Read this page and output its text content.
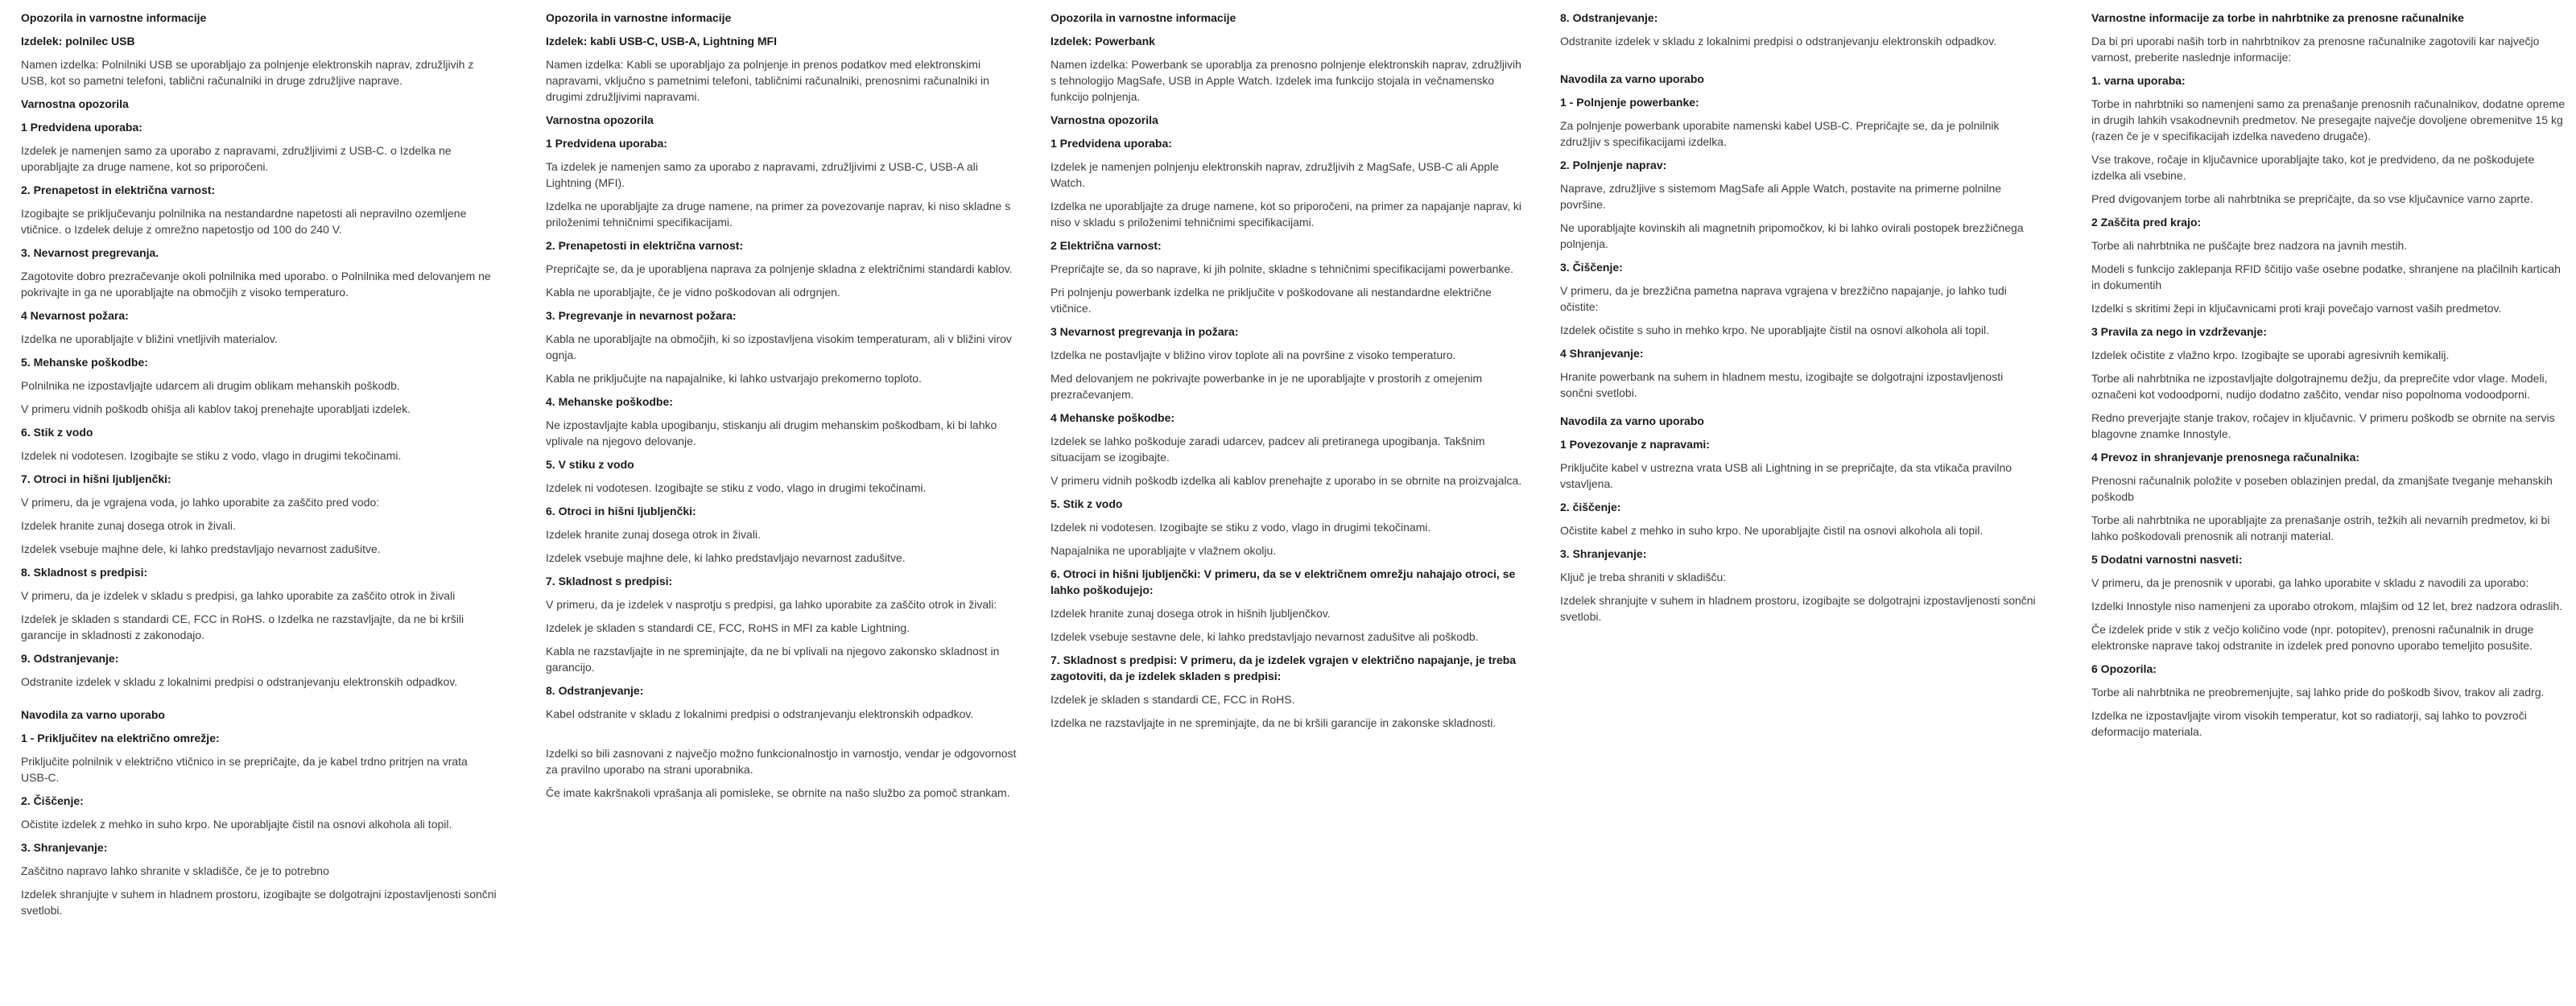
Opozorila in varnostne informacije

Izdelek: polnilec USB

Namen izdelka: Polnilniki USB se uporabljajo za polnjenje elektronskih naprav, združljivih z USB, kot so pametni telefoni, tablični računalniki in druge združljive naprave.

Varnostna opozorila

1 Predvidena uporaba:

Izdelek je namenjen samo za uporabo z napravami, združljivimi z USB-C. o Izdelka ne uporabljajte za druge namene, kot so priporočeni.

2. Prenapetost in električna varnost:

Izogibajte se priključevanju polnilnika na nestandardne napetosti ali nepravilno ozemljene vtičnice. o Izdelek deluje z omrežno napetostjo od 100 do 240 V.

3. Nevarnost pregrevanja.

Zagotovite dobro prezračevanje okoli polnilnika med uporabo. o Polnilnika med delovanjem ne pokrivajte in ga ne uporabljajte na območjih z visoko temperaturo.

4 Nevarnost požara:

Izdelka ne uporabljajte v bližini vnetljivih materialov.

5. Mehanske poškodbe:

Polnilnika ne izpostavljajte udarcem ali drugim oblikam mehanskih poškodb.

V primeru vidnih poškodb ohišja ali kablov takoj prenehajte uporabljati izdelek.

6. Stik z vodo

Izdelek ni vodotesen. Izogibajte se stiku z vodo, vlago in drugimi tekočinami.

7. Otroci in hišni ljubljenčki:

V primeru, da je vgrajena voda, jo lahko uporabite za zaščito pred vodo:

Izdelek hranite zunaj dosega otrok in živali.

Izdelek vsebuje majhne dele, ki lahko predstavljajo nevarnost zadušitve.

8. Skladnost s predpisi:

V primeru, da je izdelek v skladu s predpisi, ga lahko uporabite za zaščito otrok in živali

Izdelek je skladen s standardi CE, FCC in RoHS. o Izdelka ne razstavljajte, da ne bi kršili garancije in skladnosti z zakonodajo.

9. Odstranjevanje:

Odstranite izdelek v skladu z lokalnimi predpisi o odstranjevanju elektronskih odpadkov.

Navodila za varno uporabo

1 - Priključitev na električno omrežje:

Priključite polnilnik v električno vtičnico in se prepričajte, da je kabel trdno pritrjen na vrata USB-C.

2. Čiščenje:

Očistite izdelek z mehko in suho krpo. Ne uporabljajte čistil na osnovi alkohola ali topil.

3. Shranjevanje:

Zaščitno napravo lahko shranite v skladišče, če je to potrebno

Izdelek shranjujte v suhem in hladnem prostoru, izogibajte se dolgotrajni izpostavljenosti sončni svetlobi.

Opozorila in varnostne informacije

Izdelek: kabli USB-C, USB-A, Lightning MFI

Namen izdelka: Kabli se uporabljajo za polnjenje in prenos podatkov med elektronskimi napravami, vključno s pametnimi telefoni, tabličnimi računalniki, prenosnimi računalniki in drugimi združljivimi napravami.

Varnostna opozorila

1 Predvidena uporaba:

Ta izdelek je namenjen samo za uporabo z napravami, združljivimi z USB-C, USB-A ali Lightning (MFI).

Izdelka ne uporabljajte za druge namene, na primer za povezovanje naprav, ki niso skladne s priloženimi tehničnimi specifikacijami.

2. Prenapetosti in električna varnost:

Prepričajte se, da je uporabljena naprava za polnjenje skladna z električnimi standardi kablov.

Kabla ne uporabljajte, če je vidno poškodovan ali odrgnjen.

3. Pregrevanje in nevarnost požara:

Kabla ne uporabljajte na območjih, ki so izpostavljena visokim temperaturam, ali v bližini virov ognja.

Kabla ne priključujte na napajalnike, ki lahko ustvarjajo prekomerno toploto.

4. Mehanske poškodbe:

Ne izpostavljajte kabla upogibanju, stiskanju ali drugim mehanskim poškodbam, ki bi lahko vplivale na njegovo delovanje.

5. V stiku z vodo

Izdelek ni vodotesen. Izogibajte se stiku z vodo, vlago in drugimi tekočinami.

6. Otroci in hišni ljubljenčki:

Izdelek hranite zunaj dosega otrok in živali.

Izdelek vsebuje majhne dele, ki lahko predstavljajo nevarnost zadušitve.

7. Skladnost s predpisi:

V primeru, da je izdelek v nasprotju s predpisi, ga lahko uporabite za zaščito otrok in živali:

Izdelek je skladen s standardi CE, FCC, RoHS in MFI za kable Lightning.

Kabla ne razstavljajte in ne spreminjajte, da ne bi vplivali na njegovo zakonsko skladnost in garancijo.

8. Odstranjevanje:

Kabel odstranite v skladu z lokalnimi predpisi o odstranjevanju elektronskih odpadkov.

Izdelki so bili zasnovani z največjo možno funkcionalnostjo in varnostjo, vendar je odgovornost za pravilno uporabo na strani uporabnika.

Če imate kakršnakoli vprašanja ali pomisleke, se obrnite na našo službo za pomoč strankam.

Opozorila in varnostne informacije

Izdelek: Powerbank

Namen izdelka: Powerbank se uporablja za prenosno polnjenje elektronskih naprav, združljivih s tehnologijo MagSafe, USB in Apple Watch. Izdelek ima funkcijo stojala in večnamensko funkcijo polnjenja.

Varnostna opozorila

1 Predvidena uporaba:

Izdelek je namenjen polnjenju elektronskih naprav, združljivih z MagSafe, USB-C ali Apple Watch.

Izdelka ne uporabljajte za druge namene, kot so priporočeni, na primer za napajanje naprav, ki niso v skladu s priloženimi tehničnimi specifikacijami.

2 Električna varnost:

Prepričajte se, da so naprave, ki jih polnite, skladne s tehničnimi specifikacijami powerbanke.

Pri polnjenju powerbank izdelka ne priključite v poškodovane ali nestandardne električne vtičnice.

3 Nevarnost pregrevanja in požara:

Izdelka ne postavljajte v bližino virov toplote ali na površine z visoko temperaturo.

Med delovanjem ne pokrivajte powerbanke in je ne uporabljajte v prostorih z omejenim prezračevanjem.

4 Mehanske poškodbe:

Izdelek se lahko poškoduje zaradi udarcev, padcev ali pretiranega upogibanja. Takšnim situacijam se izogibajte.

V primeru vidnih poškodb izdelka ali kablov prenehajte z uporabo in se obrnite na proizvajalca.

5. Stik z vodo

Izdelek ni vodotesen. Izogibajte se stiku z vodo, vlago in drugimi tekočinami.

Napajalnika ne uporabljajte v vlažnem okolju.

6. Otroci in hišni ljubljenčki: V primeru, da se v električnem omrežju nahajajo otroci, se lahko poškodujejo:

Izdelek hranite zunaj dosega otrok in hišnih ljubljenčkov.

Izdelek vsebuje sestavne dele, ki lahko predstavljajo nevarnost zadušitve ali poškodb.

7. Skladnost s predpisi: V primeru, da je izdelek vgrajen v električno napajanje, je treba zagotoviti, da je izdelek skladen s predpisi:

Izdelek je skladen s standardi CE, FCC in RoHS.

Izdelka ne razstavljajte in ne spreminjajte, da ne bi kršili garancije in zakonske skladnosti.

8. Odstranjevanje:

Odstranite izdelek v skladu z lokalnimi predpisi o odstranjevanju elektronskih odpadkov.

Navodila za varno uporabo

1 - Polnjenje powerbanke:

Za polnjenje powerbank uporabite namenski kabel USB-C. Prepričajte se, da je polnilnik združljiv s specifikacijami izdelka.

2. Polnjenje naprav:

Naprave, združljive s sistemom MagSafe ali Apple Watch, postavite na primerne polnilne površine.

Ne uporabljajte kovinskih ali magnetnih pripomočkov, ki bi lahko ovirali postopek brezžičnega polnjenja.

3. Čiščenje:

V primeru, da je brezžična pametna naprava vgrajena v brezžično napajanje, jo lahko tudi očistite:

Izdelek očistite s suho in mehko krpo. Ne uporabljajte čistil na osnovi alkohola ali topil.

4 Shranjevanje:

Hranite powerbank na suhem in hladnem mestu, izogibajte se dolgotrajni izpostavljenosti sončni svetlobi.

Navodila za varno uporabo

1 Povezovanje z napravami:

Priključite kabel v ustrezna vrata USB ali Lightning in se prepričajte, da sta vtikača pravilno vstavljena.

2. čiščenje:

Očistite kabel z mehko in suho krpo. Ne uporabljajte čistil na osnovi alkohola ali topil.

3. Shranjevanje:

Ključ je treba shraniti v skladišču:

Izdelek shranjujte v suhem in hladnem prostoru, izogibajte se dolgotrajni izpostavljenosti sončni svetlobi.

Varnostne informacije za torbe in nahrbtnike za prenosne računalnike

Da bi pri uporabi naših torb in nahrbtnikov za prenosne računalnike zagotovili kar največjo varnost, preberite naslednje informacije:

1. varna uporaba:

Torbe in nahrbtniki so namenjeni samo za prenašanje prenosnih računalnikov, dodatne opreme in drugih lahkih vsakodnevnih predmetov. Ne presegajte največje dovoljene obremenitve 15 kg (razen če je v specifikacijah izdelka navedeno drugače).

Vse trakove, ročaje in ključavnice uporabljajte tako, kot je predvideno, da ne poškodujete izdelka ali vsebine.

Pred dvigovanjem torbe ali nahrbtnika se prepričajte, da so vse ključavnice varno zaprte.

2 Zaščita pred krajo:

Torbe ali nahrbtnika ne puščajte brez nadzora na javnih mestih.

Modeli s funkcijo zaklepanja RFID ščitijo vaše osebne podatke, shranjene na plačilnih karticah in dokumentih

Izdelki s skritimi žepi in ključavnicami proti kraji povečajo varnost vaših predmetov.

3 Pravila za nego in vzdrževanje:

Izdelek očistite z vlažno krpo. Izogibajte se uporabi agresivnih kemikalij.

Torbe ali nahrbtnika ne izpostavljajte dolgotrajnemu dežju, da preprečite vdor vlage. Modeli, označeni kot vodoodporni, nudijo dodatno zaščito, vendar niso popolnoma vodoodporni.

Redno preverjajte stanje trakov, ročajev in ključavnic. V primeru poškodb se obrnite na servis blagovne znamke Innostyle.

4 Prevoz in shranjevanje prenosnega računalnika:

Prenosni računalnik položite v poseben oblazinjen predal, da zmanjšate tveganje mehanskih poškodb

Torbe ali nahrbtnika ne uporabljajte za prenašanje ostrih, težkih ali nevarnih predmetov, ki bi lahko poškodovali prenosnik ali notranji material.

5 Dodatni varnostni nasveti:

V primeru, da je prenosnik v uporabi, ga lahko uporabite v skladu z navodili za uporabo:

Izdelki Innostyle niso namenjeni za uporabo otrokom, mlajšim od 12 let, brez nadzora odraslih.

Če izdelek pride v stik z večjo količino vode (npr. potopitev), prenosni računalnik in druge elektronske naprave takoj odstranite in izdelek pred ponovno uporabo temeljito posušite.

6 Opozorila:

Torbe ali nahrbtnika ne preobremenjujte, saj lahko pride do poškodb šivov, trakov ali zadrg.

Izdelka ne izpostavljajte virom visokih temperatur, kot so radiatorji, saj lahko to povzroči deformacijo materiala.
